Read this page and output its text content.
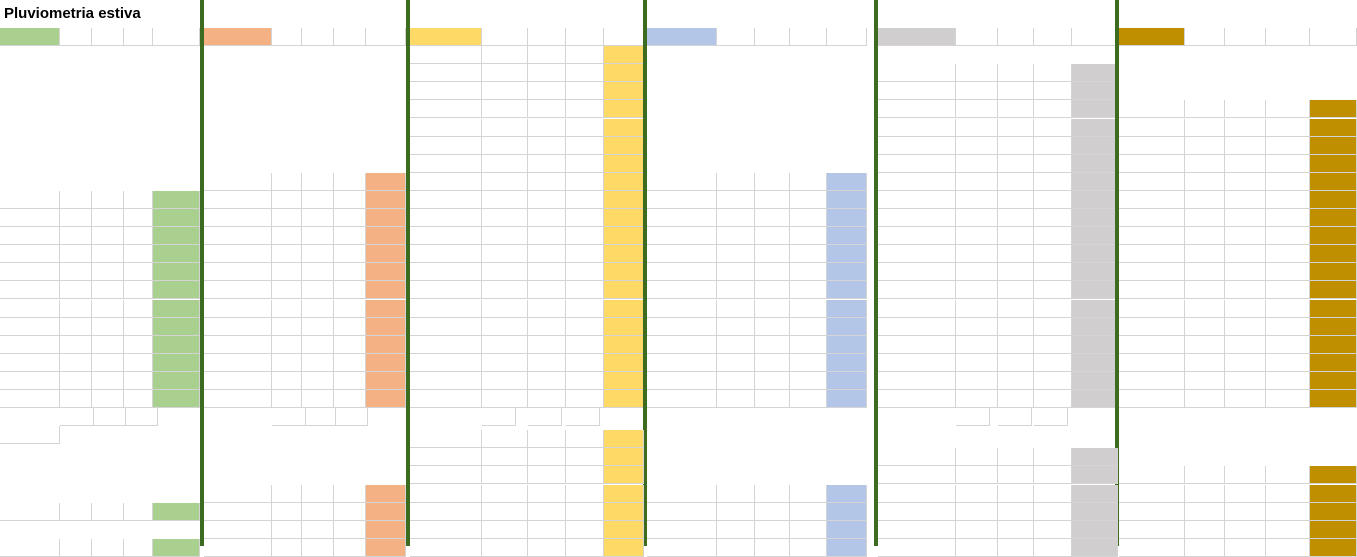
Pluviometria estiva
